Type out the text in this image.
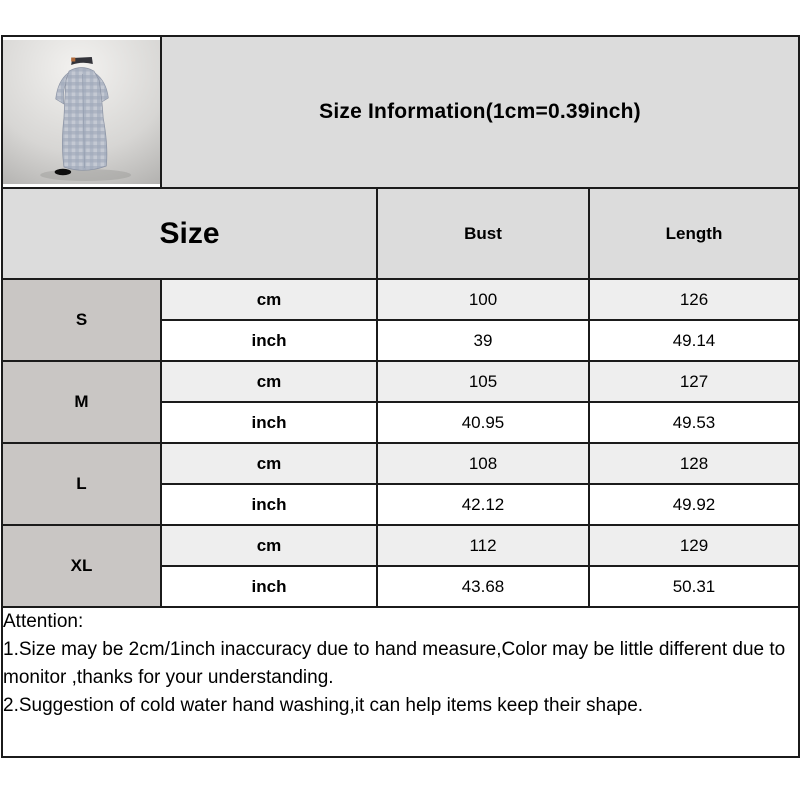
	Size Information(1cm=0.39inch)		
Size		Bust	Length
S	cm	100	126
	inch	39	49.14
M	cm	105	127
	inch	40.95	49.53
L	cm	108	128
	inch	42.12	49.92
XL	cm	112	129
	inch	43.68	50.31

Attention:
1.Size may be 2cm/1inch inaccuracy due to hand measure,Color may be little different due to monitor ,thanks for your understanding.
2.Suggestion of cold water hand washing,it can help items keep their shape.			
